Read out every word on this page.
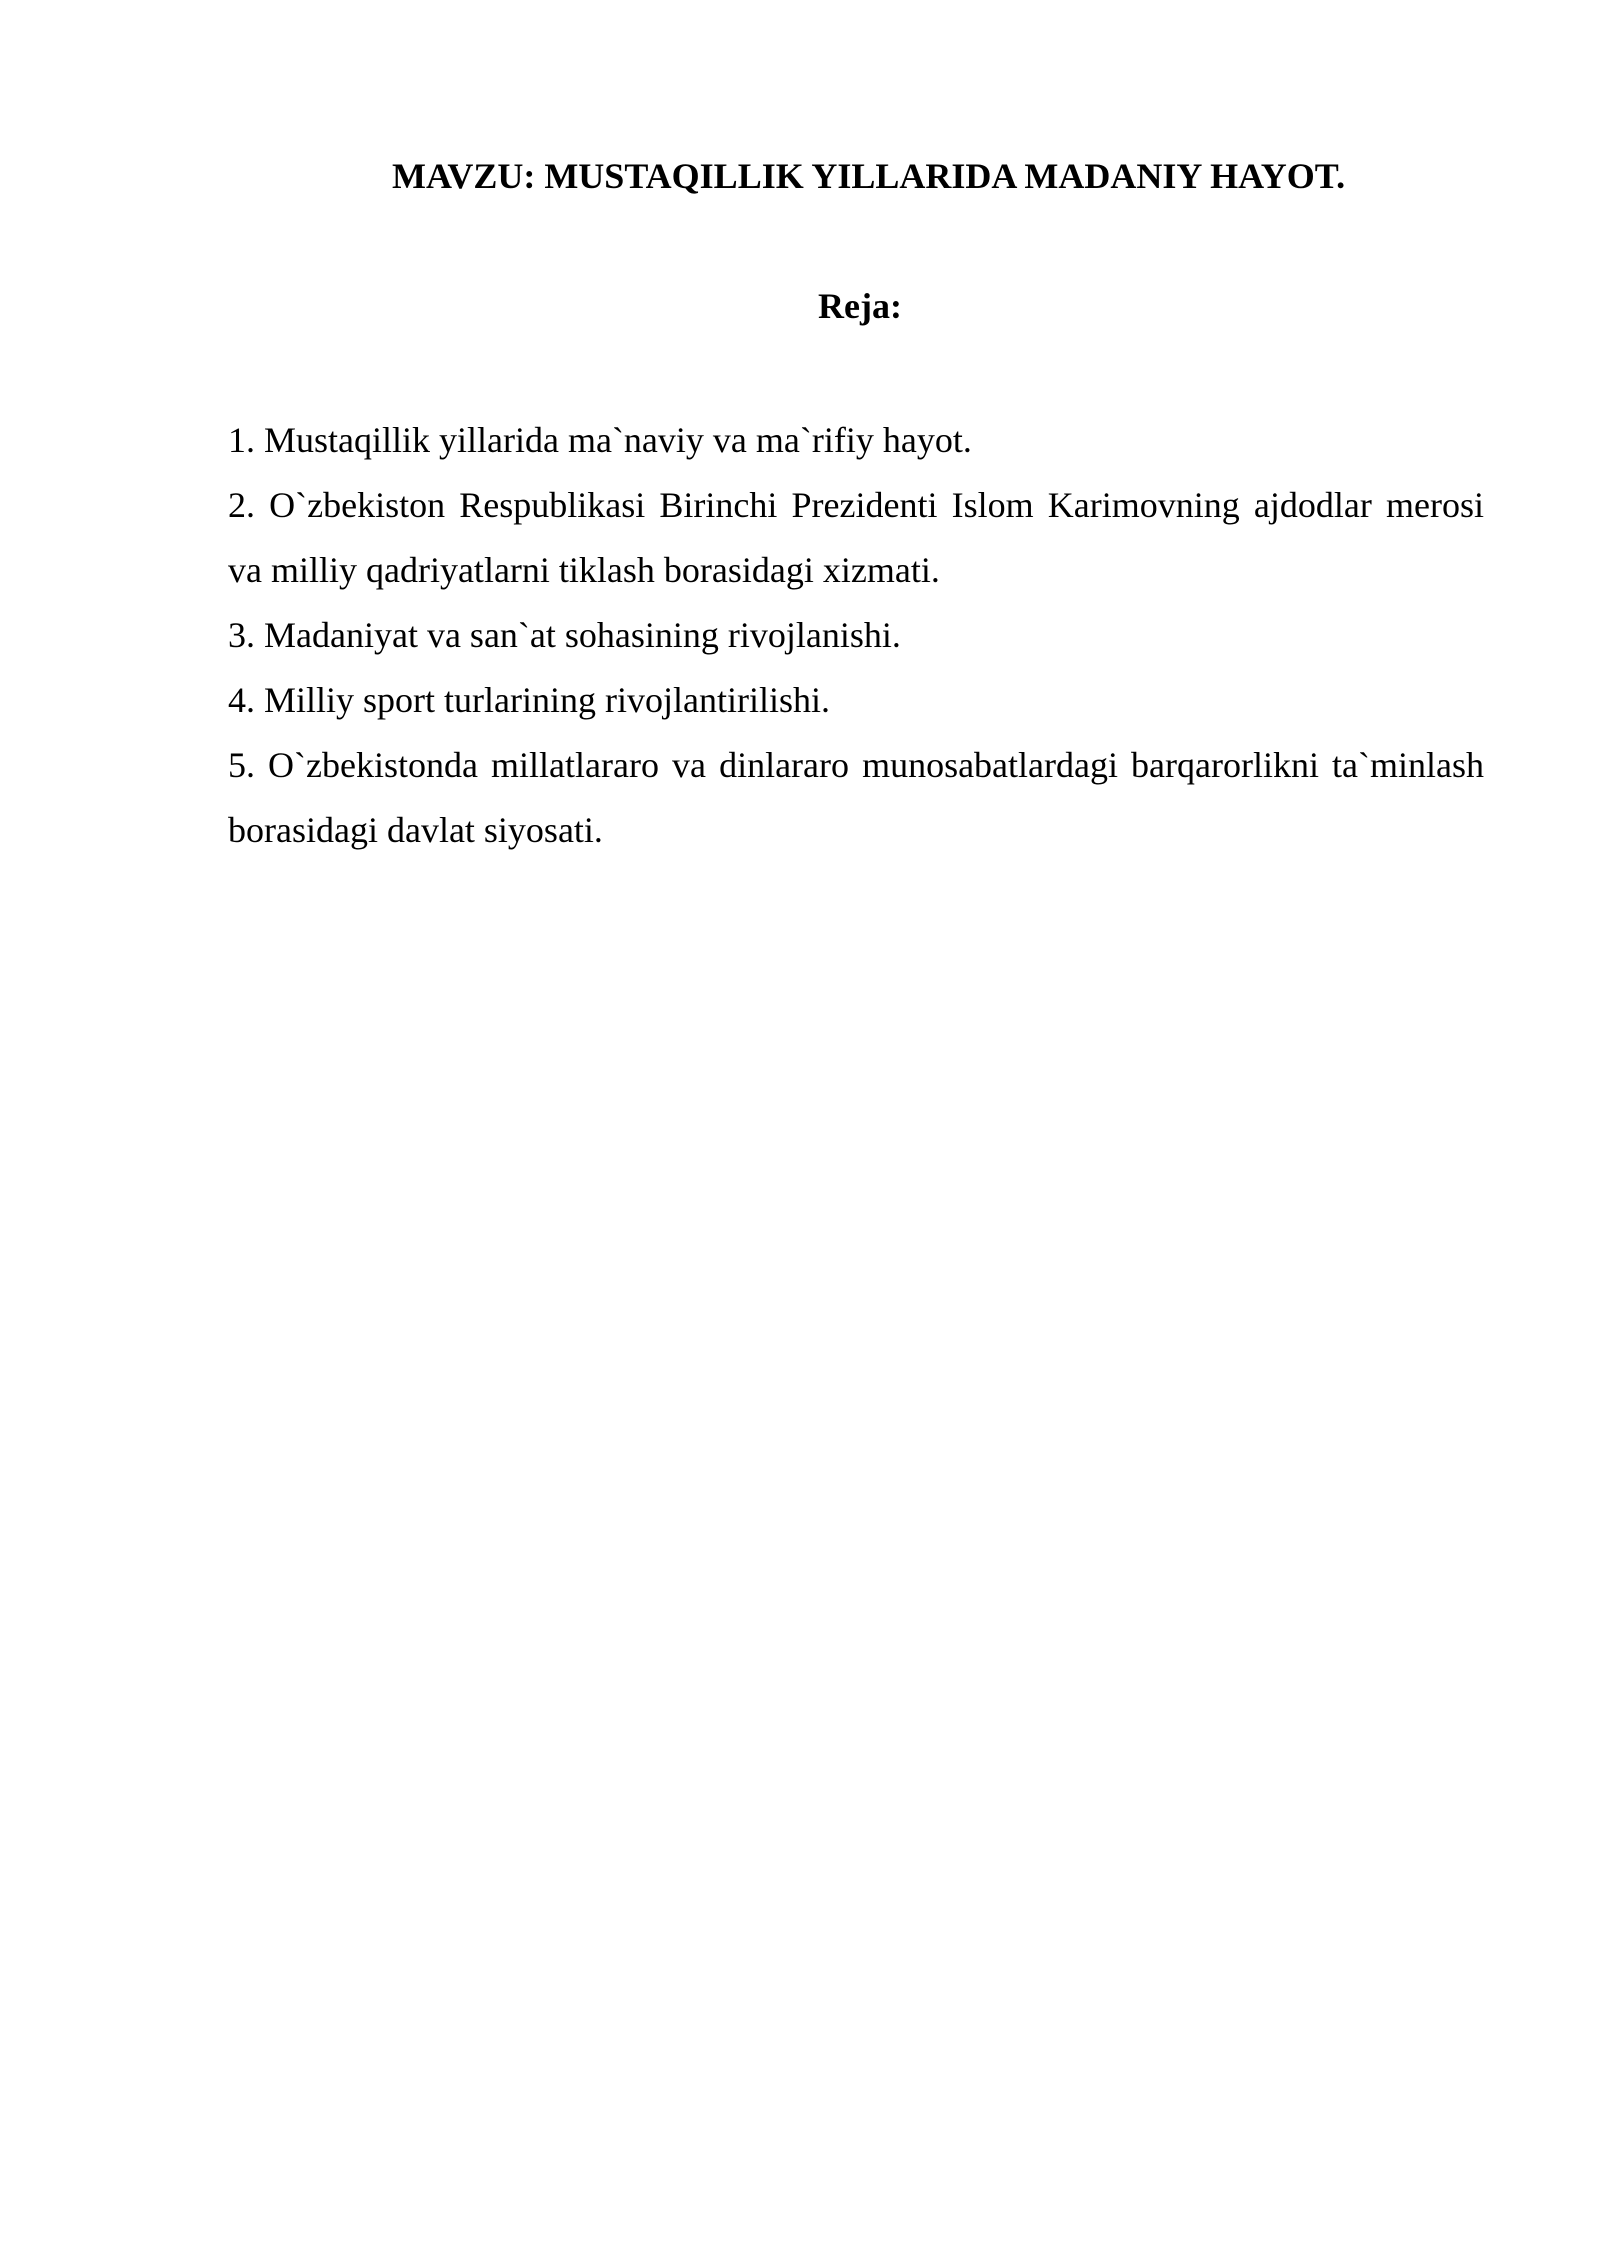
MAVZU: MUSTAQILLIK YILLARIDA MADANIY HAYOT.
Reja:
1. Mustaqillik yillarida ma`naviy va ma`rifiy hayot.
2. O`zbekiston Respublikasi Birinchi Prezidenti Islom Karimovning ajdodlar merosi va milliy qadriyatlarni tiklash borasidagi xizmati.
3. Madaniyat va san`at sohasining rivojlanishi.
4. Milliy sport turlarining rivojlantirilishi.
5. O`zbekistonda millatlararo va dinlararo munosabatlardagi barqarorlikni ta`minlash borasidagi davlat siyosati.
